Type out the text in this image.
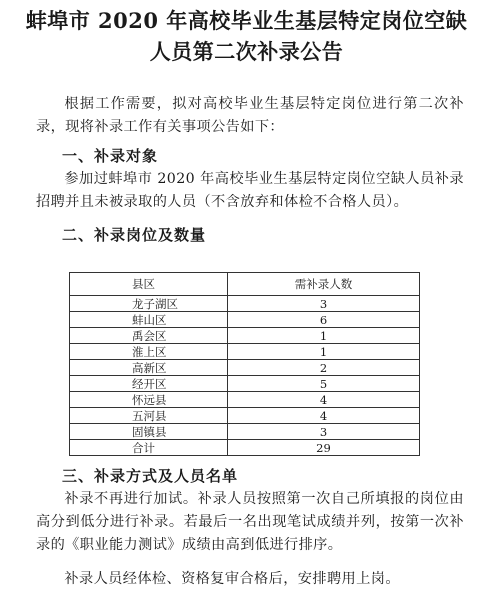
蚌埠市 2020 年高校毕业生基层特定岗位空缺
人员第二次补录公告
根据工作需要，拟对高校毕业生基层特定岗位进行第二次补录，现将补录工作有关事项公告如下：
一、补录对象
参加过蚌埠市 2020 年高校毕业生基层特定岗位空缺人员补录招聘并且未被录取的人员（不含放弃和体检不合格人员）。
二、补录岗位及数量
县区	需补录人数
龙子湖区	3
蚌山区	6
禹会区	1
淮上区	1
高新区	2
经开区	5
怀远县	4
五河县	4
固镇县	3
合计	29
三、补录方式及人员名单
补录不再进行加试。补录人员按照第一次自己所填报的岗位由高分到低分进行补录。若最后一名出现笔试成绩并列，按第一次补录的《职业能力测试》成绩由高到低进行排序。
补录人员经体检、资格复审合格后，安排聘用上岗。
